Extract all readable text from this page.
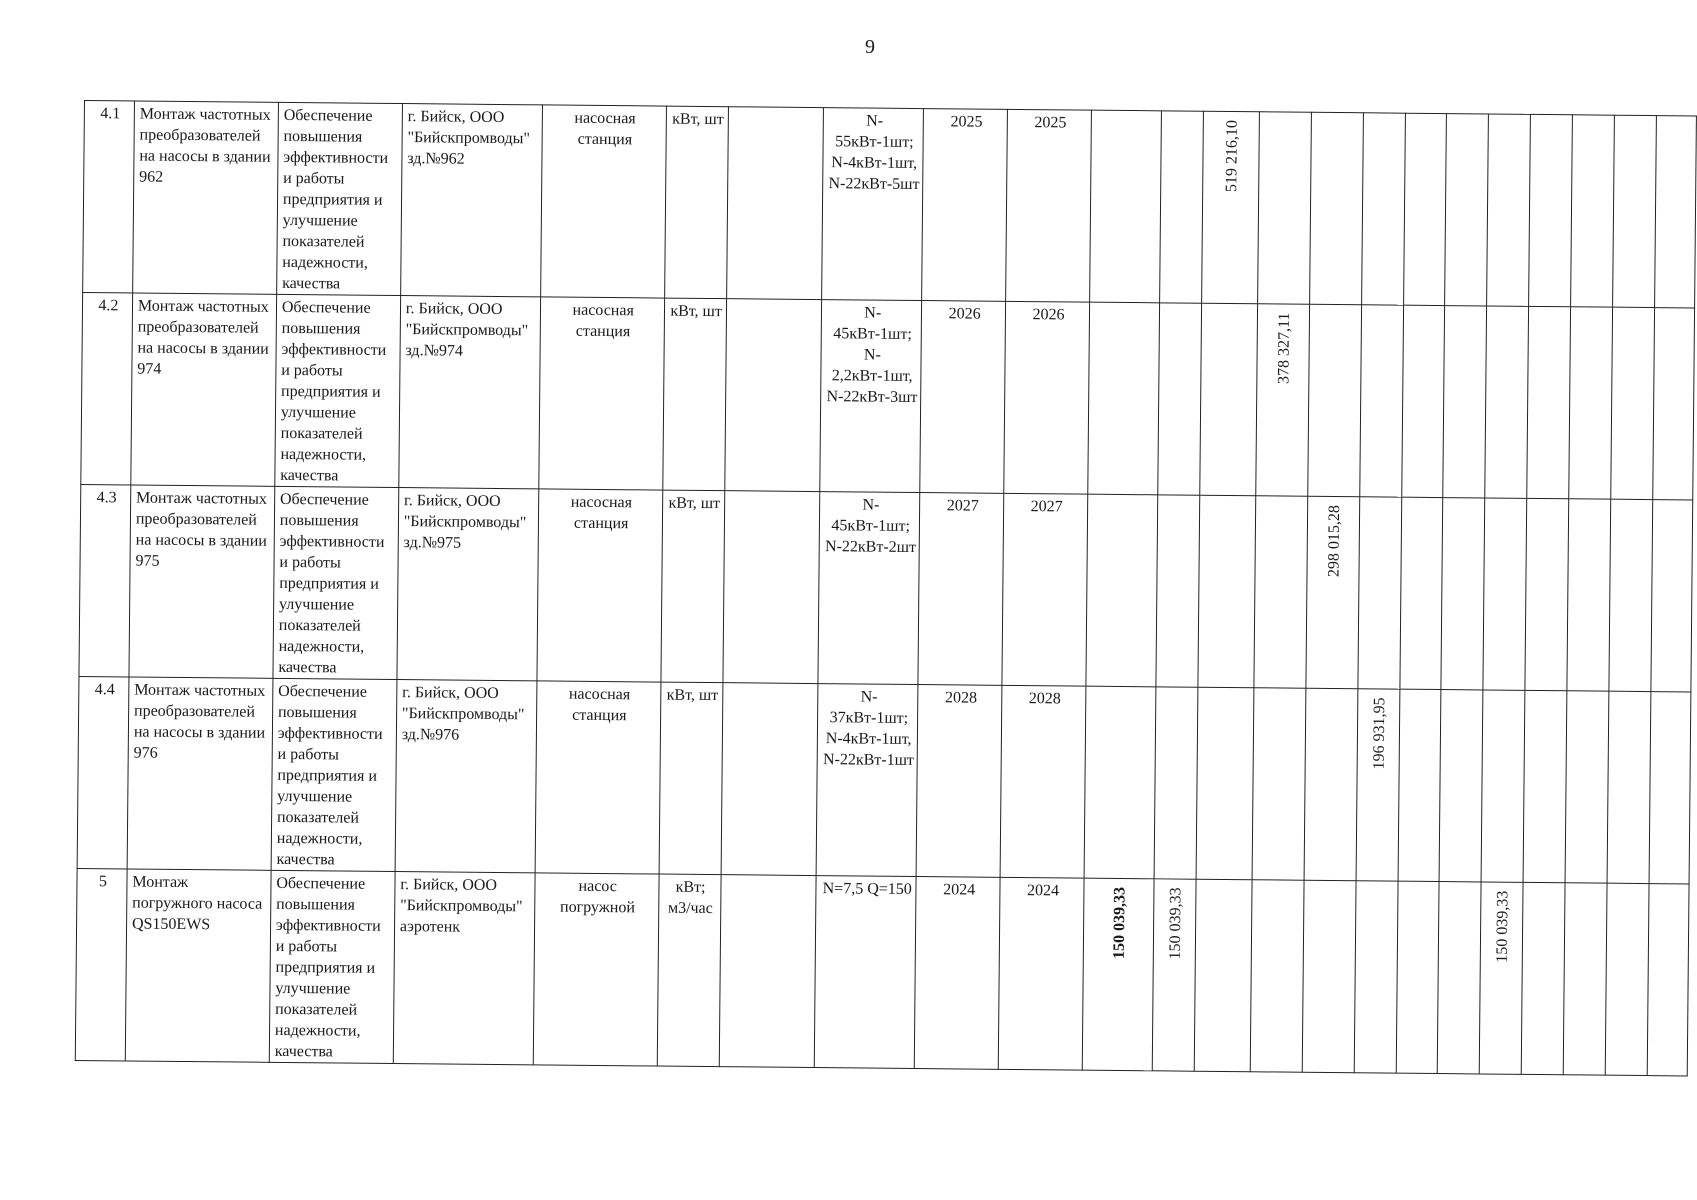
9
4.1	Монтаж частотных преобразователей на насосы в здании 962	Обеспечение повышения эффективности и работы предприятия и улучшение показателей надежности, качества	г. Бийск, ООО "Бийскпромводы" зд.№962	насосная станция	кВт, шт		N-55кВт-1шт; N-4кВт-1шт, N-22кВт-5шт	2025	2025			519 216,10										

4.2	Монтаж частотных преобразователей на насосы в здании 974	Обеспечение повышения эффективности и работы предприятия и улучшение показателей надежности, качества	г. Бийск, ООО "Бийскпромводы" зд.№974	насосная станция	кВт, шт		N-45кВт-1шт; N-2,2кВт-1шт, N-22кВт-3шт	2026	2026				378 327,11									

4.3	Монтаж частотных преобразователей на насосы в здании 975	Обеспечение повышения эффективности и работы предприятия и улучшение показателей надежности, качества	г. Бийск, ООО "Бийскпромводы" зд.№975	насосная станция	кВт, шт		N-45кВт-1шт; N-22кВт-2шт	2027	2027					298 015,28								

4.4	Монтаж частотных преобразователей на насосы в здании 976	Обеспечение повышения эффективности и работы предприятия и улучшение показателей надежности, качества	г. Бийск, ООО "Бийскпромводы" зд.№976	насосная станция	кВт, шт		N-37кВт-1шт; N-4кВт-1шт, N-22кВт-1шт	2028	2028						196 931,95							

5	Монтаж погружного насоса QS150EWS	Обеспечение повышения эффективности и работы предприятия и улучшение показателей надежности, качества	г. Бийск, ООО "Бийскпромводы" аэротенк	насос погружной	кВт; м3/час		N=7,5 Q=150	2024	2024	150 039,33	150 039,33							150 039,33				
